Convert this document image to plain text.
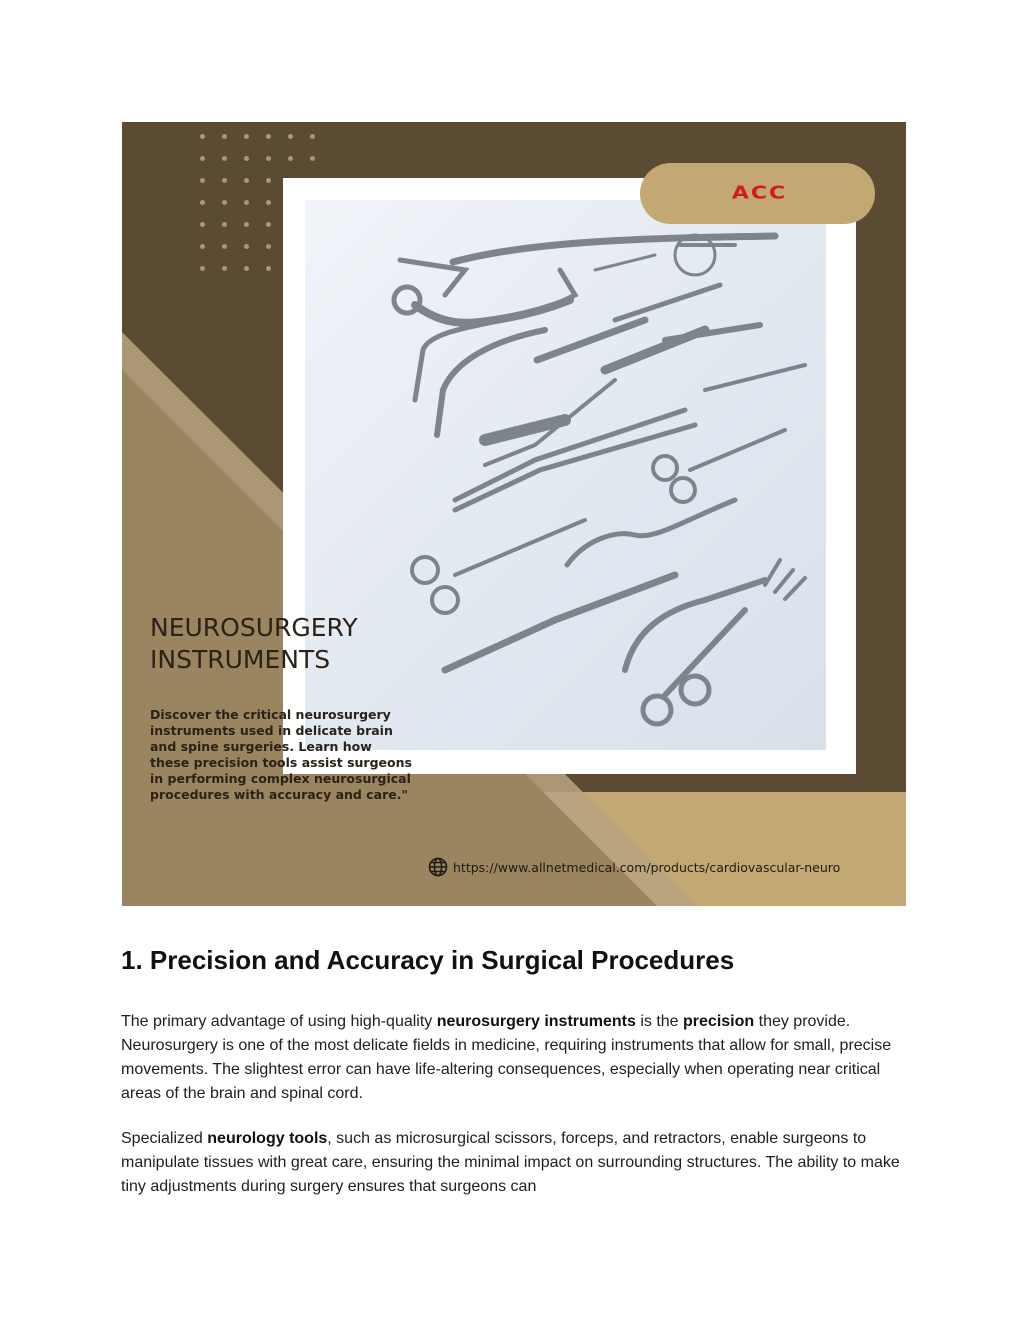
ACC
NEUROSURGERY
INSTRUMENTS

Discover the critical neurosurgery instruments used in delicate brain and spine surgeries. Learn how these precision tools assist surgeons in performing complex neurosurgical procedures with accuracy and care."

https://www.allnetmedical.com/products/cardiovascular-neuro
1. Precision and Accuracy in Surgical Procedures

The primary advantage of using high-quality neurosurgery instruments is the precision they provide. Neurosurgery is one of the most delicate fields in medicine, requiring instruments that allow for small, precise movements. The slightest error can have life-altering consequences, especially when operating near critical areas of the brain and spinal cord.

Specialized neurology tools, such as microsurgical scissors, forceps, and retractors, enable surgeons to manipulate tissues with great care, ensuring the minimal impact on surrounding structures. The ability to make tiny adjustments during surgery ensures that surgeons can
